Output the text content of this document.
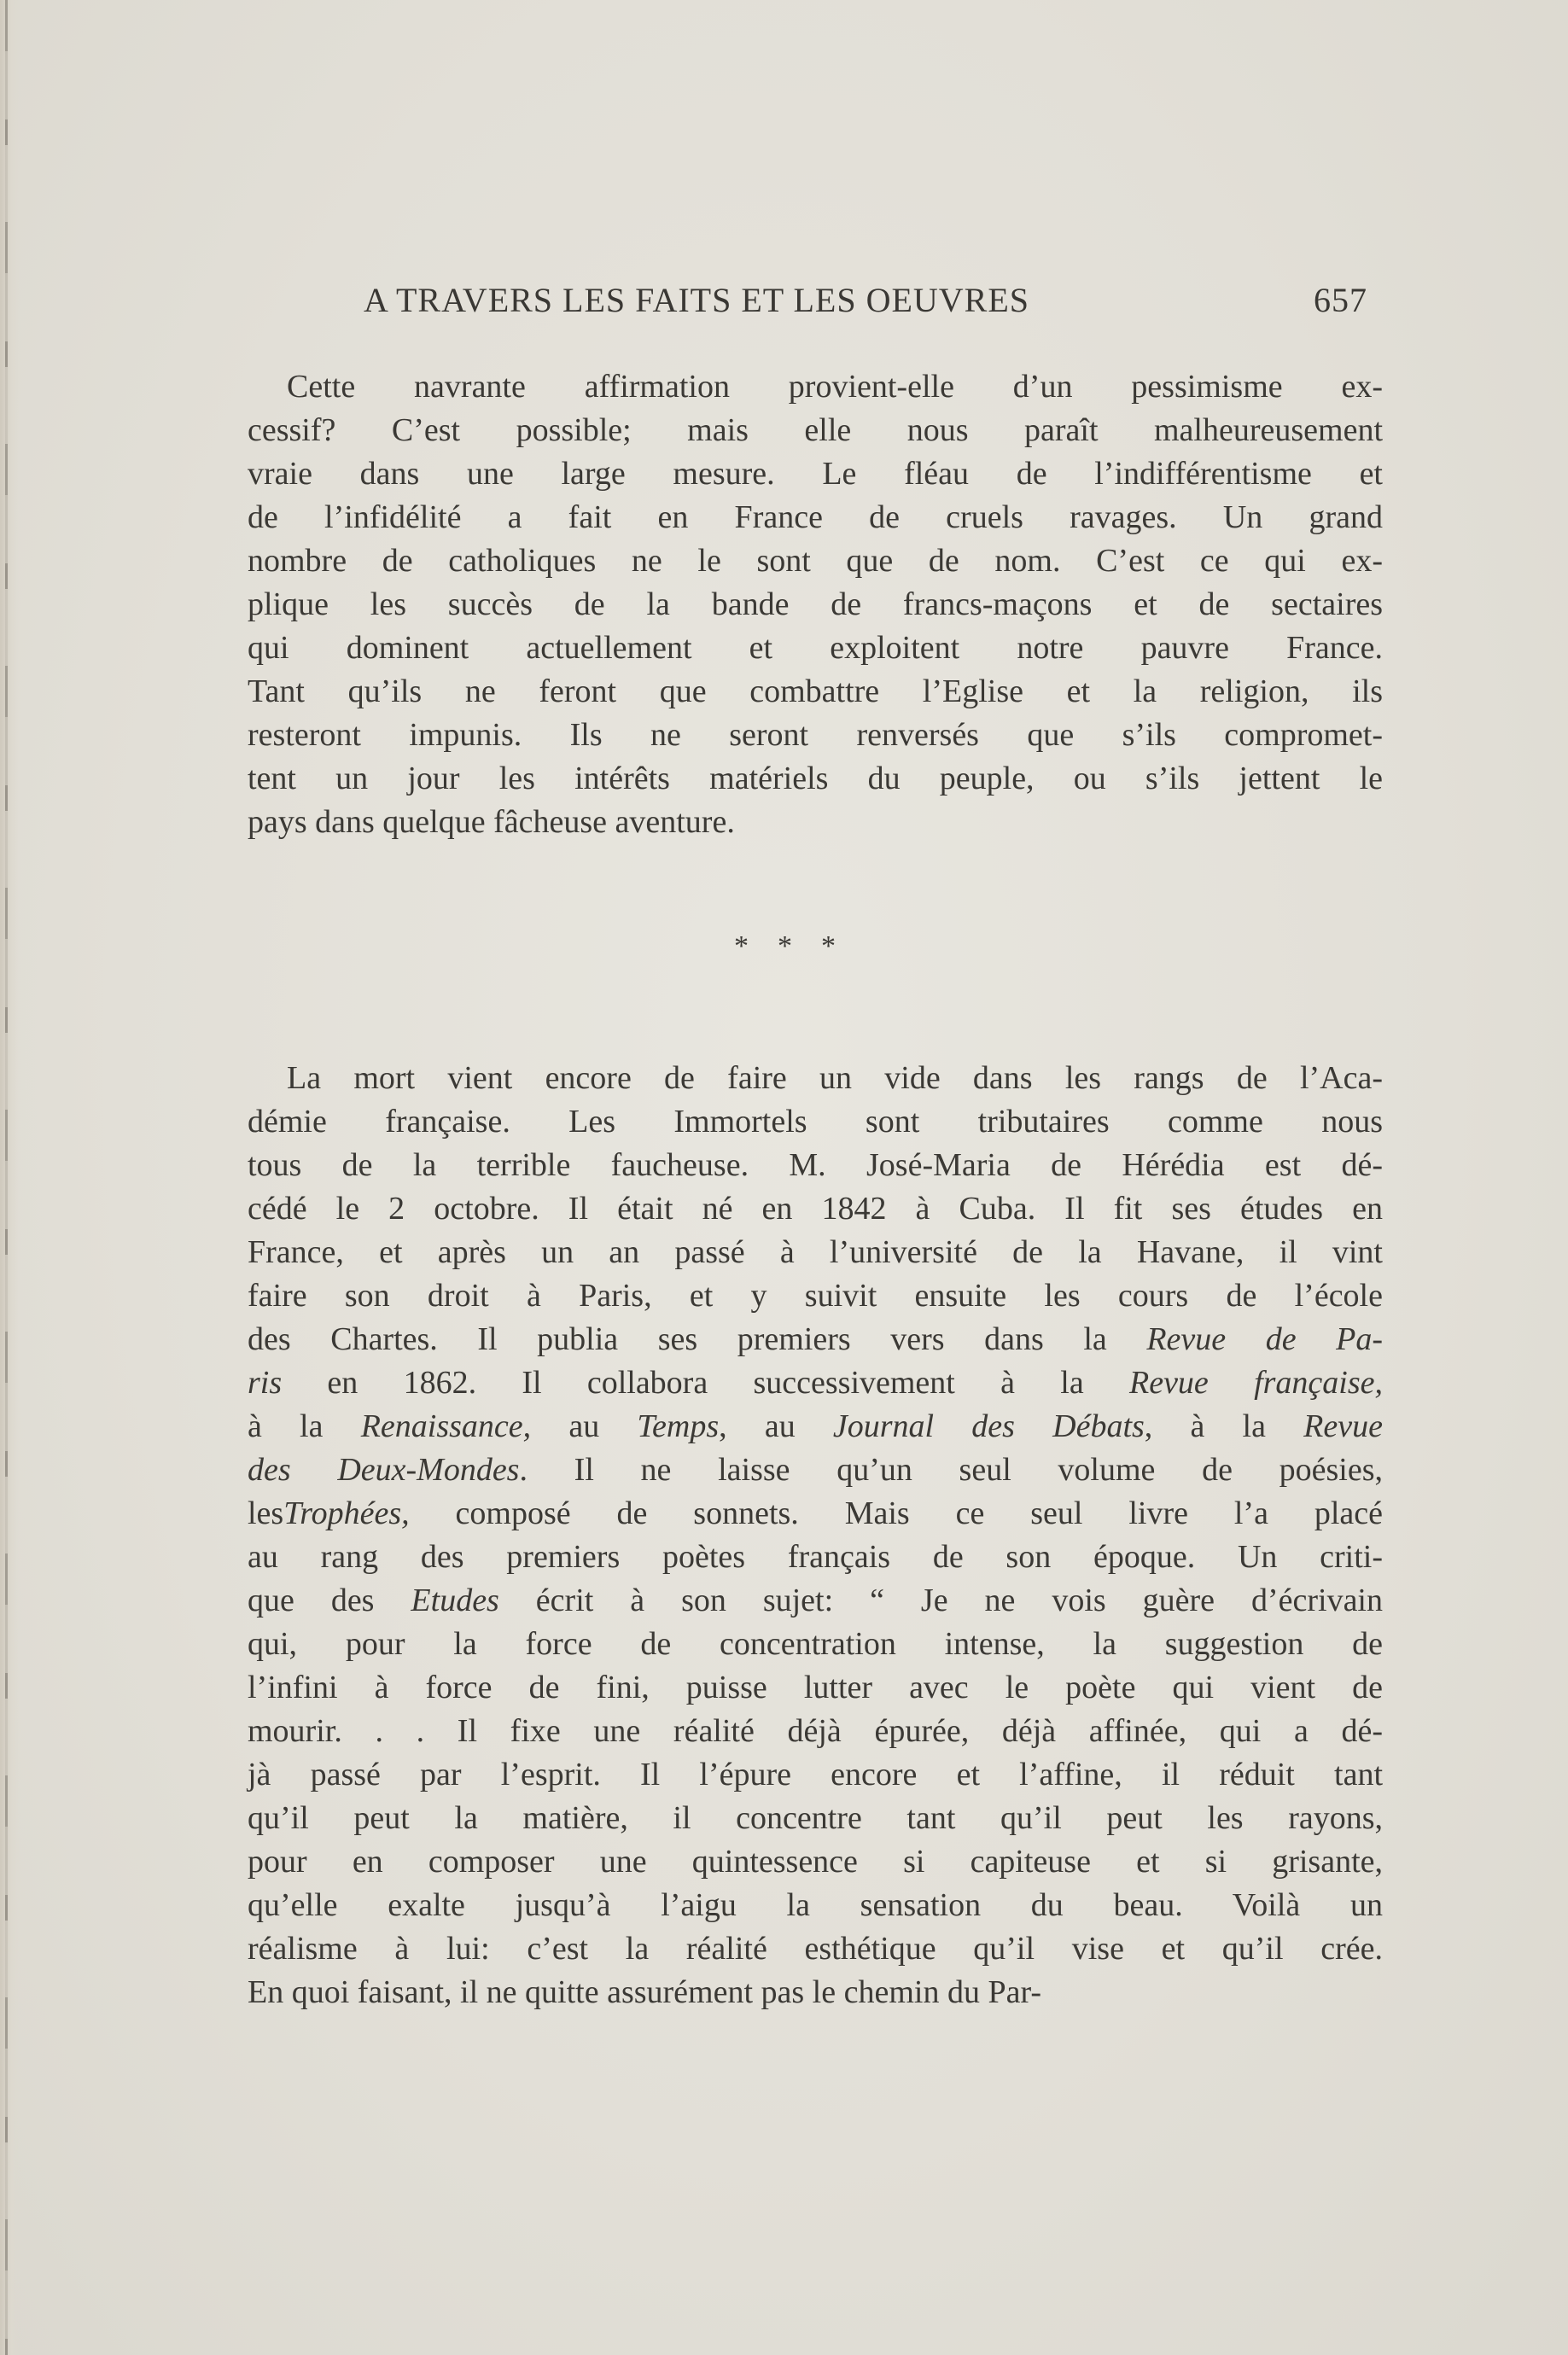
A TRAVERS LES FAITS ET LES OEUVRES	657
Cette navrante affirmation provient-elle d’un pessimisme ex-
cessif? C’est possible; mais elle nous paraît malheureusement
vraie dans une large mesure. Le fléau de l’indifférentisme et
de l’infidélité a fait en France de cruels ravages. Un grand
nombre de catholiques ne le sont que de nom. C’est ce qui ex-
plique les succès de la bande de francs-maçons et de sectaires
qui dominent actuellement et exploitent notre pauvre France.
Tant qu’ils ne feront que combattre l’Eglise et la religion, ils
resteront impunis. Ils ne seront renversés que s’ils compromet-
tent un jour les intérêts matériels du peuple, ou s’ils jettent le
pays dans quelque fâcheuse aventure.
***
La mort vient encore de faire un vide dans les rangs de l’Aca-
démie française. Les Immortels sont tributaires comme nous
tous de la terrible faucheuse. M. José-Maria de Hérédia est dé-
cédé le 2 octobre. Il était né en 1842 à Cuba. Il fit ses études en
France, et après un an passé à l’université de la Havane, il vint
faire son droit à Paris, et y suivit ensuite les cours de l’école
des Chartes. Il publia ses premiers vers dans la Revue de Pa-
ris en 1862. Il collabora successivement à la Revue française,
à la Renaissance, au Temps, au Journal des Débats, à la Revue
des Deux-Mondes. Il ne laisse qu’un seul volume de poésies,
lesTrophées, composé de sonnets. Mais ce seul livre l’a placé
au rang des premiers poètes français de son époque. Un criti-
que des Etudes écrit à son sujet: “ Je ne vois guère d’écrivain
qui, pour la force de concentration intense, la suggestion de
l’infini à force de fini, puisse lutter avec le poète qui vient de
mourir. . . Il fixe une réalité déjà épurée, déjà affinée, qui a dé-
jà passé par l’esprit. Il l’épure encore et l’affine, il réduit tant
qu’il peut la matière, il concentre tant qu’il peut les rayons,
pour en composer une quintessence si capiteuse et si grisante,
qu’elle exalte jusqu’à l’aigu la sensation du beau. Voilà un
réalisme à lui: c’est la réalité esthétique qu’il vise et qu’il crée.
En quoi faisant, il ne quitte assurément pas le chemin du Par-
